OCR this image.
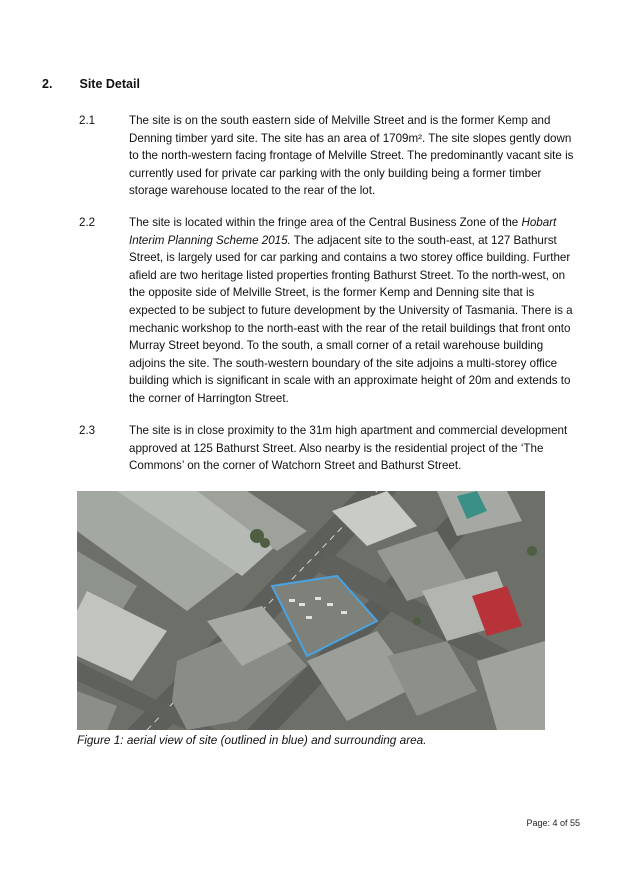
2. Site Detail
2.1	The site is on the south eastern side of Melville Street and is the former Kemp and Denning timber yard site. The site has an area of 1709m². The site slopes gently down to the north-western facing frontage of Melville Street. The predominantly vacant site is currently used for private car parking with the only building being a former timber storage warehouse located to the rear of the lot.
2.2	The site is located within the fringe area of the Central Business Zone of the Hobart Interim Planning Scheme 2015. The adjacent site to the south-east, at 127 Bathurst Street, is largely used for car parking and contains a two storey office building. Further afield are two heritage listed properties fronting Bathurst Street. To the north-west, on the opposite side of Melville Street, is the former Kemp and Denning site that is expected to be subject to future development by the University of Tasmania. There is a mechanic workshop to the north-east with the rear of the retail buildings that front onto Murray Street beyond. To the south, a small corner of a retail warehouse building adjoins the site. The south-western boundary of the site adjoins a multi-storey office building which is significant in scale with an approximate height of 20m and extends to the corner of Harrington Street.
2.3	The site is in close proximity to the 31m high apartment and commercial development approved at 125 Bathurst Street. Also nearby is the residential project of the ‘The Commons’ on the corner of Watchorn Street and Bathurst Street.
Figure 1: aerial view of site (outlined in blue) and surrounding area.
Page: 4 of 55
